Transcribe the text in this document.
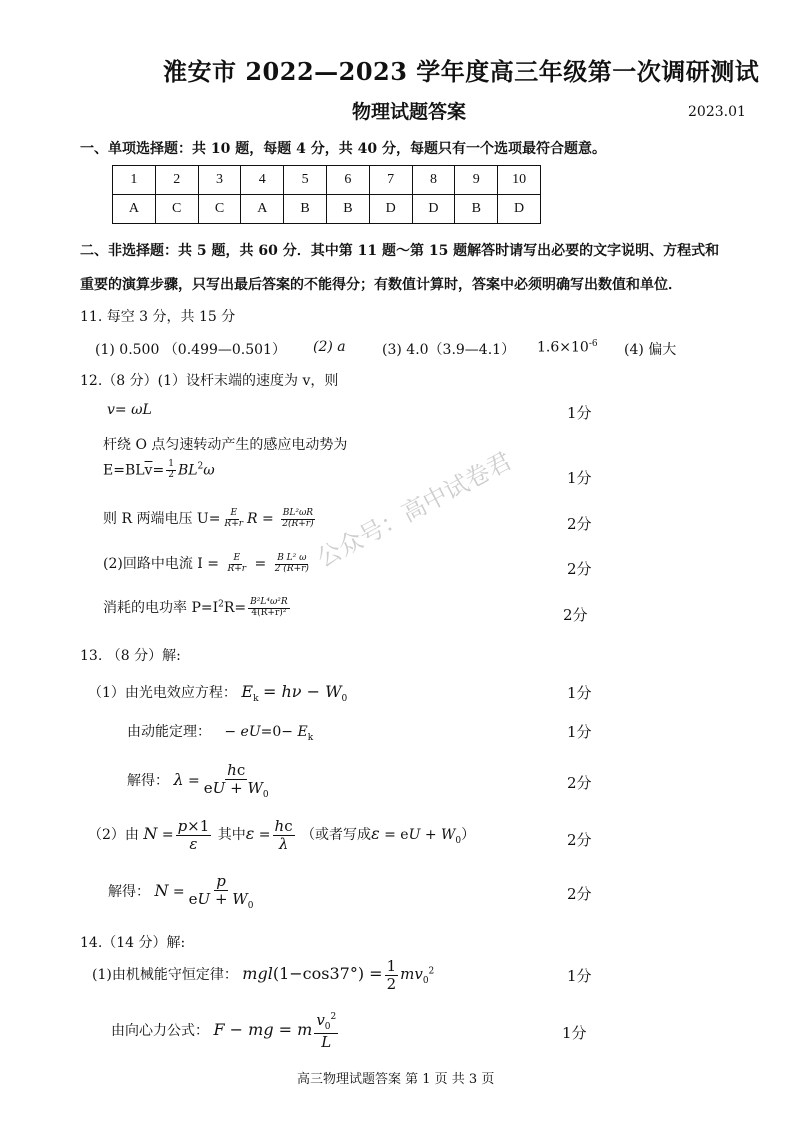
淮安市 2022—2023 学年度高三年级第一次调研测试
物理试题答案	2023.01
一、单项选择题：共 10 题，每题 4 分，共 40 分，每题只有一个选项最符合题意。
1	2	3	4	5	6	7	8	9	10
A	C	C	A	B	B	D	D	B	D
二、非选择题：共 5 题，共 60 分．其中第 11 题～第 15 题解答时请写出必要的文字说明、方程式和
重要的演算步骤，只写出最后答案的不能得分；有数值计算时，答案中必须明确写出数值和单位．
11. 每空 3 分，共 15 分
(1) 0.500 （0.499—0.501） (2) a	(3) 4.0（3.9—4.1） $1.6\times 10^{-6}$ (4) 偏大
12.（8 分）(1）设杆末端的速度为 v，则
v= ωL	1分
杆绕 O 点匀速转动产生的感应电动势为
$E=BL\overline{v}= \frac{1}{2} BL^2\omega$	1分
则 R 两端电压 $U= \frac{E}{R+r}$ $R = \frac{\text{BL²ωR}}{2(R+r)}$	2分
(2)回路中电流 $I = \frac{E}{R+r} = \frac{\text{B L² ω}}{2 (R+r)}$	2分
消耗的电功率 $P=I^2R= \frac{\text{B²L⁴ω²R}}{\text{4(R+r)²}}$	2分
公众号：高中试卷君
13. （8 分）解:
（1）由光电效应方程： $E_k = h\nu - W_0$	1分
由动能定理：   − $eU=0- E_k$	1分
解得： $\lambda = \frac{hc}{eU + W_0}$	2分
（2）由 $N = \frac{p\times 1}{\varepsilon}$ 其中$\varepsilon = \frac{hc}{\lambda}$ （或者写成ε = eU + $W_0$）	2分
解得： $N = \frac{p}{eU + W_0}$	2分
14.（14 分）解:
(1)由机械能守恒定律： $mgl(1-\cos 37^\circ) = \frac{1}{2} mv_0^2$	1分
由向心力公式： F − mg = m $\frac{v_0^2}{L}$	1分
高三物理试题答案 第 1 页 共 3 页
